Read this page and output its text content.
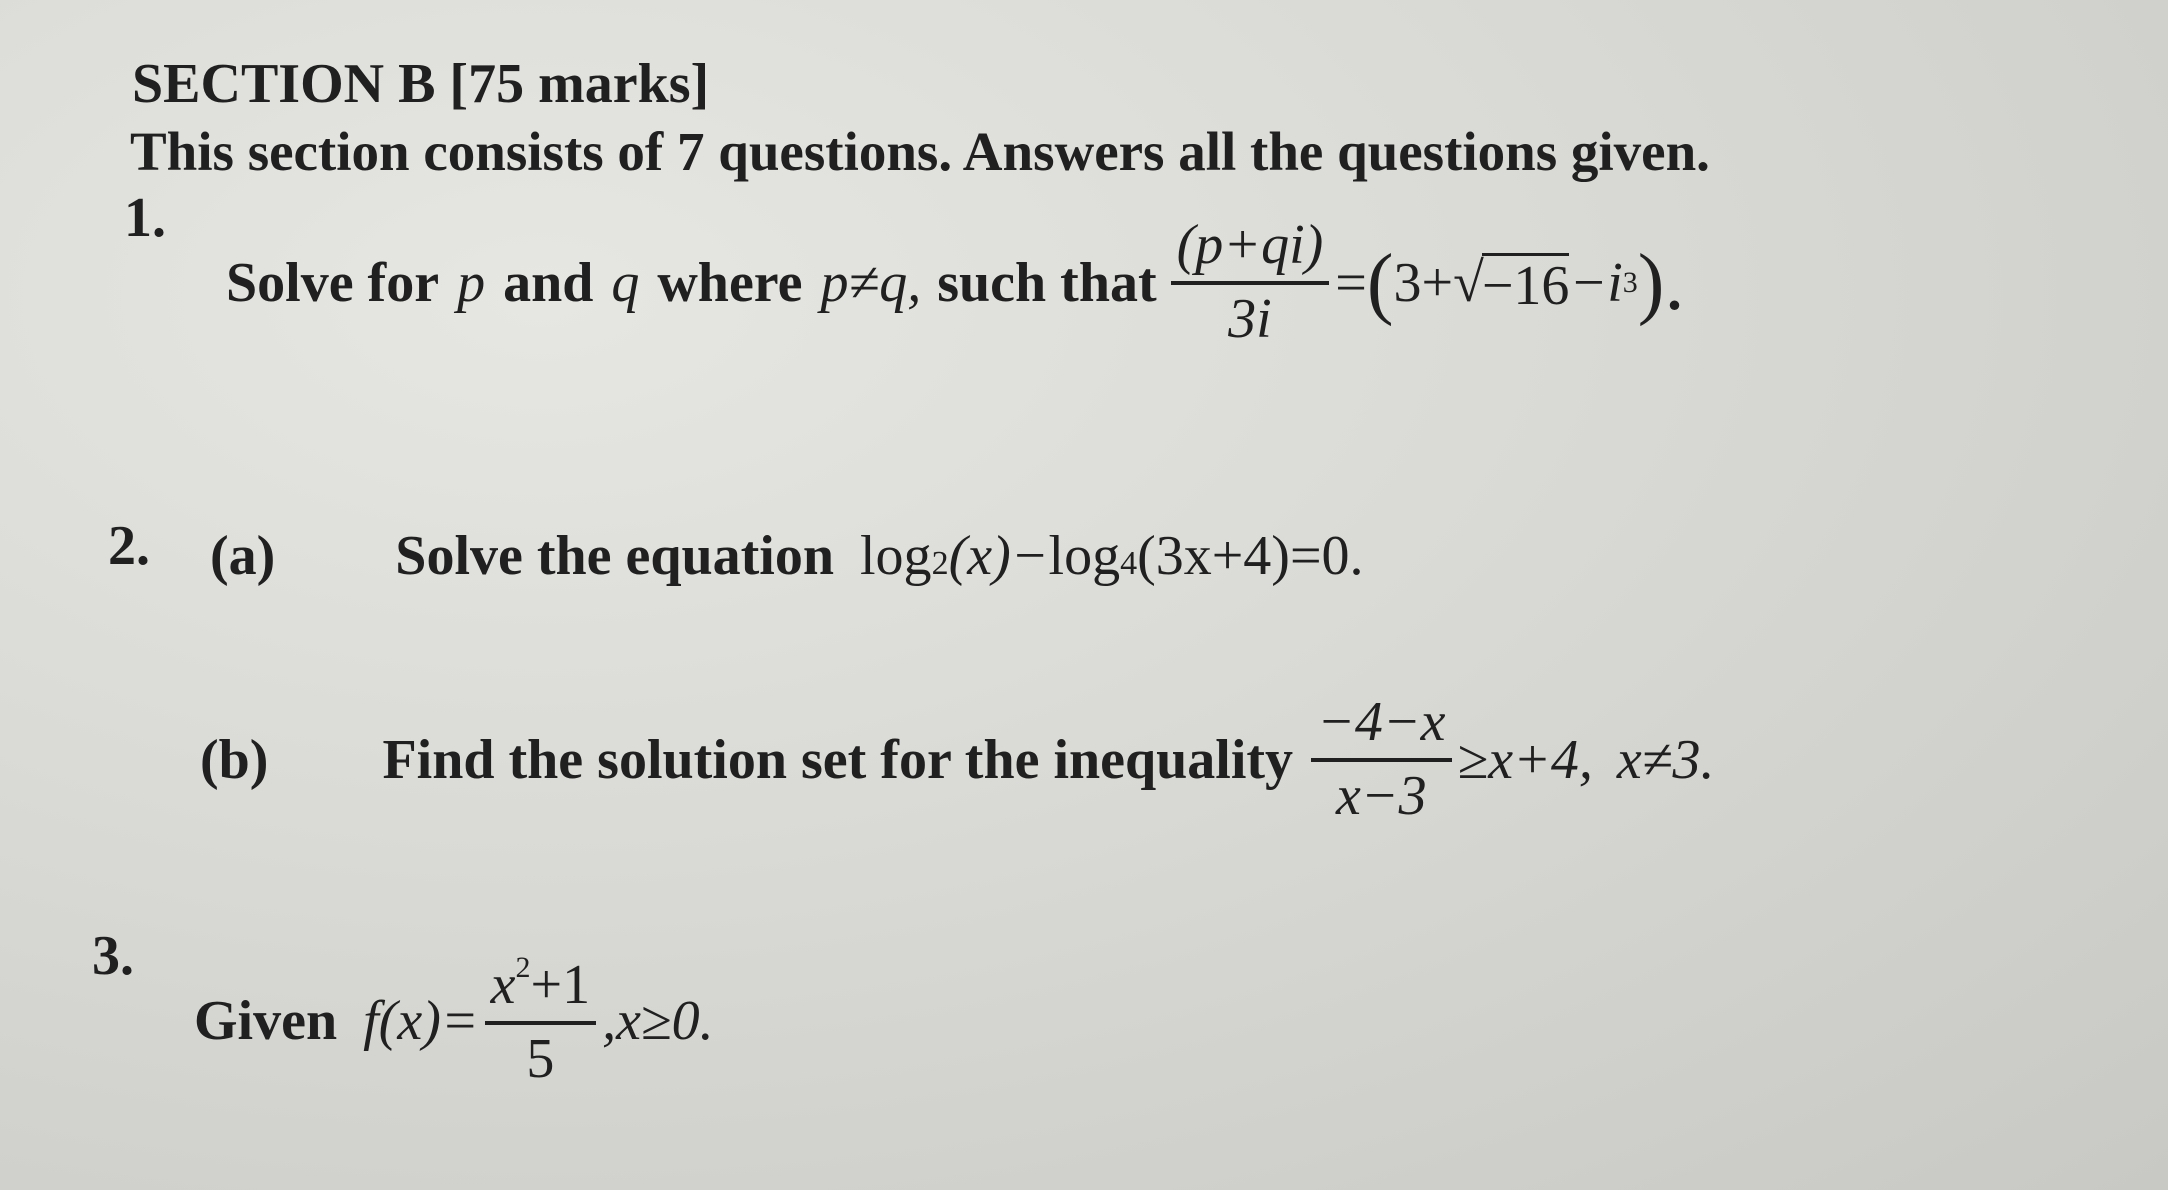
SECTION B [75 marks]
This section consists of 7 questions. Answers all the questions given.
1.
Solve for p and q where p≠q, such that $\frac{(p+qi)}{3i}$ = ( 3+ √
−16 −i 3 ).
2. (a) Solve the equation log 2 (x)− log 4 (3x+4)=0.
(b) Find the solution set for the inequality $\frac{-4-x}{x-3} \ge x+4$, x≠3.
3.
Given $f(x)= \frac{x^2+1}{5} ,x\ge 0$.
